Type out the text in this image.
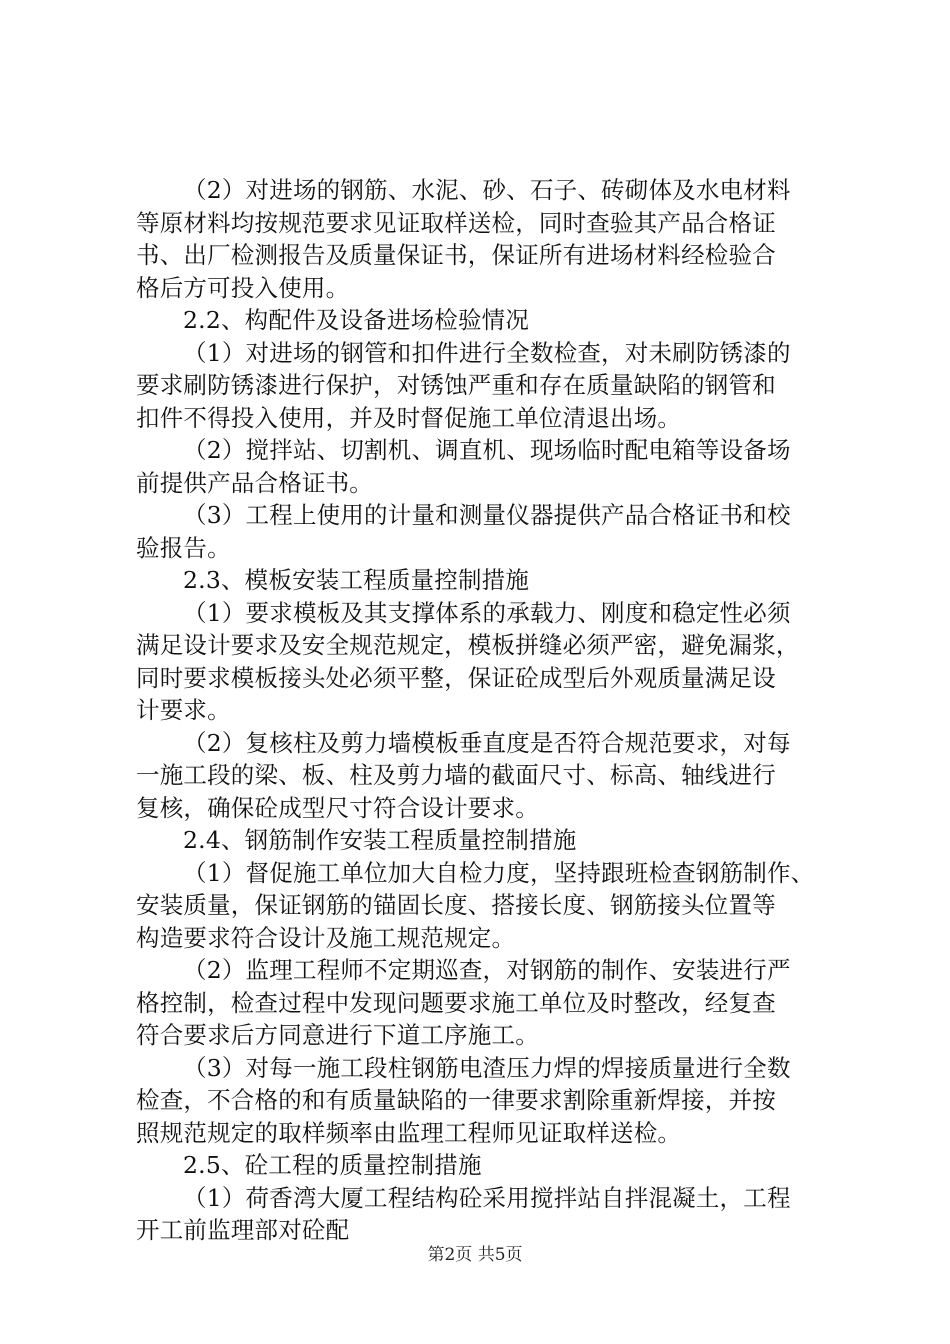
（2）对进场的钢筋、水泥、砂、石子、砖砌体及水电材料
等原材料均按规范要求见证取样送检，同时查验其产品合格证
书、出厂检测报告及质量保证书，保证所有进场材料经检验合
格后方可投入使用。
2.2、构配件及设备进场检验情况
（1）对进场的钢管和扣件进行全数检查，对未刷防锈漆的
要求刷防锈漆进行保护，对锈蚀严重和存在质量缺陷的钢管和
扣件不得投入使用，并及时督促施工单位清退出场。
（2）搅拌站、切割机、调直机、现场临时配电箱等设备场
前提供产品合格证书。
（3）工程上使用的计量和测量仪器提供产品合格证书和校
验报告。
2.3、模板安装工程质量控制措施
（1）要求模板及其支撑体系的承载力、刚度和稳定性必须
满足设计要求及安全规范规定，模板拼缝必须严密，避免漏浆，
同时要求模板接头处必须平整，保证砼成型后外观质量满足设
计要求。
（2）复核柱及剪力墙模板垂直度是否符合规范要求，对每
一施工段的梁、板、柱及剪力墙的截面尺寸、标高、轴线进行
复核，确保砼成型尺寸符合设计要求。
2.4、钢筋制作安装工程质量控制措施
（1）督促施工单位加大自检力度，坚持跟班检查钢筋制作、
安装质量，保证钢筋的锚固长度、搭接长度、钢筋接头位置等
构造要求符合设计及施工规范规定。
（2）监理工程师不定期巡查，对钢筋的制作、安装进行严
格控制，检查过程中发现问题要求施工单位及时整改，经复查
符合要求后方同意进行下道工序施工。
（3）对每一施工段柱钢筋电渣压力焊的焊接质量进行全数
检查，不合格的和有质量缺陷的一律要求割除重新焊接，并按
照规范规定的取样频率由监理工程师见证取样送检。
2.5、砼工程的质量控制措施
（1）荷香湾大厦工程结构砼采用搅拌站自拌混凝土，工程
开工前监理部对砼配
第2页 共5页
